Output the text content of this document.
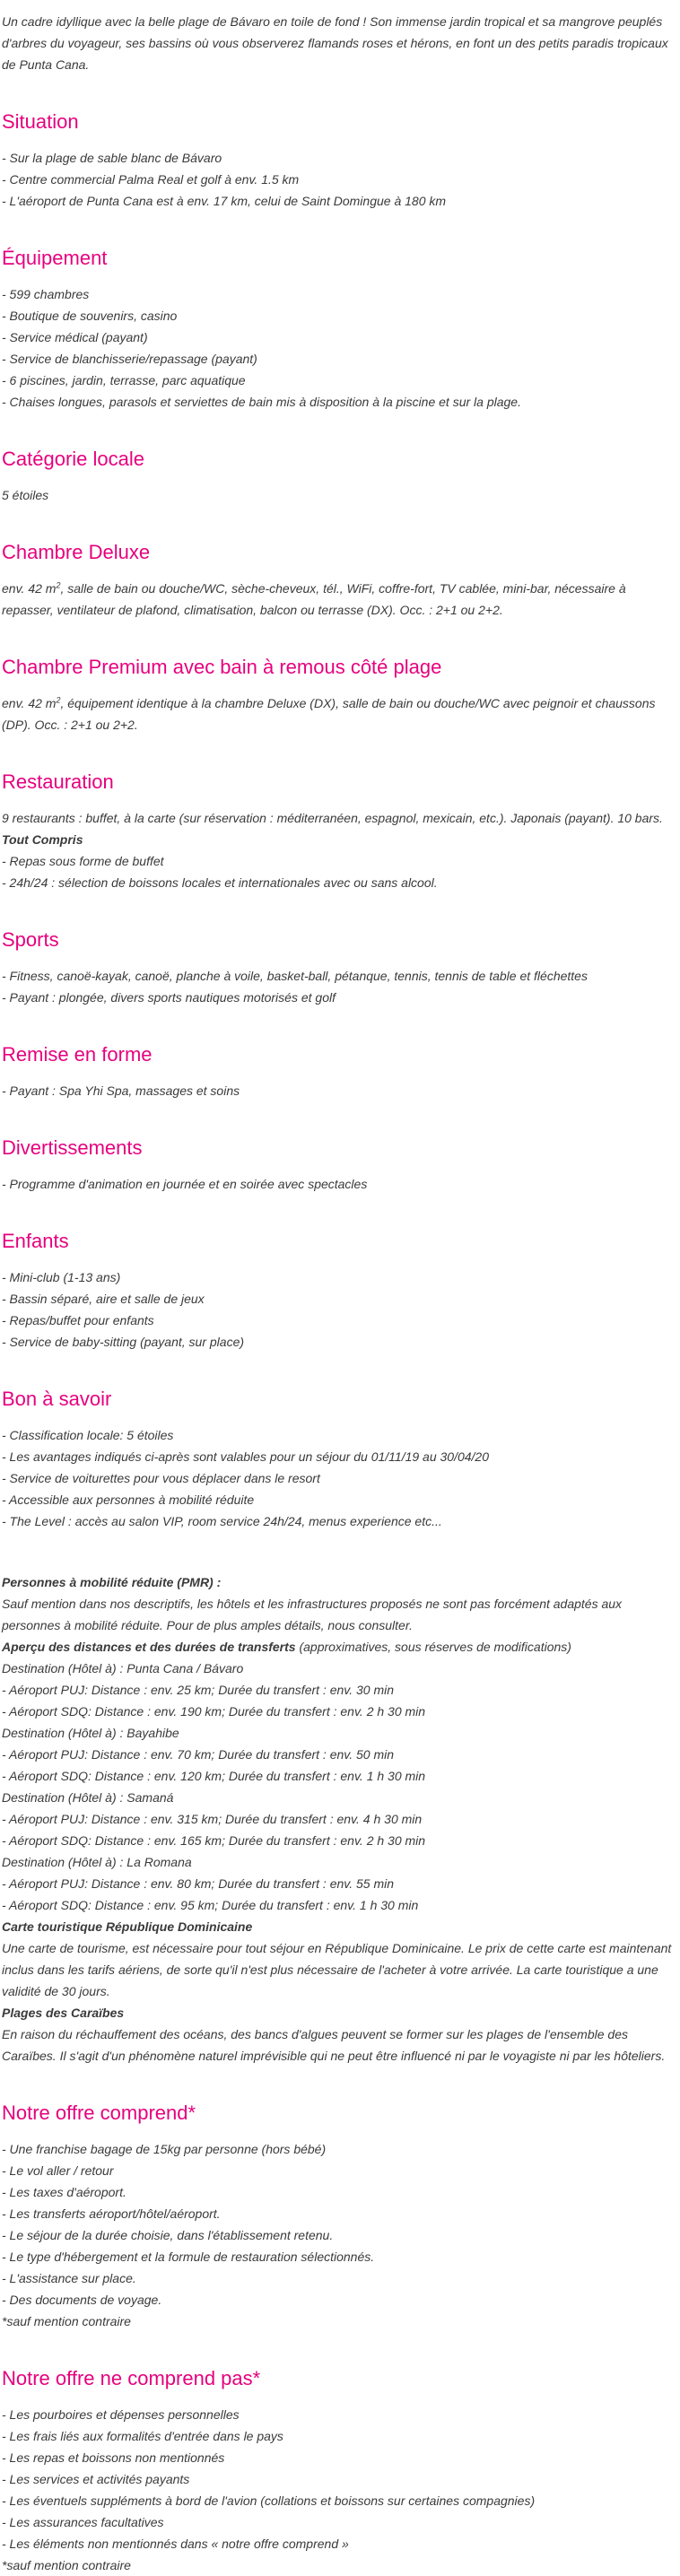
Un cadre idyllique avec la belle plage de Bávaro en toile de fond ! Son immense jardin tropical et sa mangrove peuplés d'arbres du voyageur, ses bassins où vous observerez flamands roses et hérons, en font un des petits paradis tropicaux de Punta Cana.

Situation
- Sur la plage de sable blanc de Bávaro
- Centre commercial Palma Real et golf à env. 1.5 km
- L'aéroport de Punta Cana est à env. 17 km, celui de Saint Domingue à 180 km
Équipement
- 599 chambres
- Boutique de souvenirs, casino
- Service médical (payant)
- Service de blanchisserie/repassage (payant)
- 6 piscines, jardin, terrasse, parc aquatique
- Chaises longues, parasols et serviettes de bain mis à disposition à la piscine et sur la plage.
Catégorie locale
5 étoiles
Chambre Deluxe
env. 42 $m^2$, salle de bain ou douche/WC, sèche-cheveux, tél., WiFi, coffre-fort, TV cablée, mini-bar, nécessaire à repasser, ventilateur de plafond, climatisation, balcon ou terrasse (DX). Occ. : 2+1 ou 2+2.
Chambre Premium avec bain à remous côté plage
env. 42 $m^2$, équipement identique à la chambre Deluxe (DX), salle de bain ou douche/WC avec peignoir et chaussons (DP). Occ. : 2+1 ou 2+2.
Restauration
9 restaurants : buffet, à la carte (sur réservation : méditerranéen, espagnol, mexicain, etc.). Japonais (payant). 10 bars.
Tout Compris
- Repas sous forme de buffet
- 24h/24 : sélection de boissons locales et internationales avec ou sans alcool.
Sports
- Fitness, canoë-kayak, canoë, planche à voile, basket-ball, pétanque, tennis, tennis de table et fléchettes
- Payant : plongée, divers sports nautiques motorisés et golf
Remise en forme
- Payant : Spa Yhi Spa, massages et soins
Divertissements
- Programme d'animation en journée et en soirée avec spectacles
Enfants
- Mini-club (1-13 ans)
- Bassin séparé, aire et salle de jeux
- Repas/buffet pour enfants
- Service de baby-sitting (payant, sur place)
Bon à savoir
- Classification locale: 5 étoiles
- Les avantages indiqués ci-après sont valables pour un séjour du 01/11/19 au 30/04/20
- Service de voiturettes pour vous déplacer dans le resort
- Accessible aux personnes à mobilité réduite
- The Level : accès au salon VIP, room service 24h/24, menus experience etc...
Personnes à mobilité réduite (PMR) :
Sauf mention dans nos descriptifs, les hôtels et les infrastructures proposés ne sont pas forcément adaptés aux personnes à mobilité réduite. Pour de plus amples détails, nous consulter.
Aperçu des distances et des durées de transferts (approximatives, sous réserves de modifications)
Destination (Hôtel à) : Punta Cana / Bávaro
- Aéroport PUJ: Distance : env. 25 km; Durée du transfert : env. 30 min
- Aéroport SDQ: Distance : env. 190 km; Durée du transfert : env. 2 h 30 min
Destination (Hôtel à) : Bayahibe
- Aéroport PUJ: Distance : env. 70 km; Durée du transfert : env. 50 min
- Aéroport SDQ: Distance : env. 120 km; Durée du transfert : env. 1 h 30 min
Destination (Hôtel à) : Samaná
- Aéroport PUJ: Distance : env. 315 km; Durée du transfert : env. 4 h 30 min
- Aéroport SDQ: Distance : env. 165 km; Durée du transfert : env. 2 h 30 min
Destination (Hôtel à) : La Romana
- Aéroport PUJ: Distance : env. 80 km; Durée du transfert : env. 55 min
- Aéroport SDQ: Distance : env. 95 km; Durée du transfert : env. 1 h 30 min
Carte touristique République Dominicaine
Une carte de tourisme, est nécessaire pour tout séjour en République Dominicaine. Le prix de cette carte est maintenant inclus dans les tarifs aériens, de sorte qu'il n'est plus nécessaire de l'acheter à votre arrivée. La carte touristique a une validité de 30 jours.
Plages des Caraïbes
En raison du réchauffement des océans, des bancs d'algues peuvent se former sur les plages de l'ensemble des Caraïbes. Il s'agit d'un phénomène naturel imprévisible qui ne peut être influencé ni par le voyagiste ni par les hôteliers.
Notre offre comprend*
- Une franchise bagage de 15kg par personne (hors bébé)
- Le vol aller / retour
- Les taxes d'aéroport.
- Les transferts aéroport/hôtel/aéroport.
- Le séjour de la durée choisie, dans l'établissement retenu.
- Le type d'hébergement et la formule de restauration sélectionnés.
- L'assistance sur place.
- Des documents de voyage.
*sauf mention contraire
Notre offre ne comprend pas*
- Les pourboires et dépenses personnelles
- Les frais liés aux formalités d'entrée dans le pays
- Les repas et boissons non mentionnés
- Les services et activités payants
- Les éventuels suppléments à bord de l'avion (collations et boissons sur certaines compagnies)
- Les assurances facultatives
- Les éléments non mentionnés dans « notre offre comprend »
*sauf mention contraire
